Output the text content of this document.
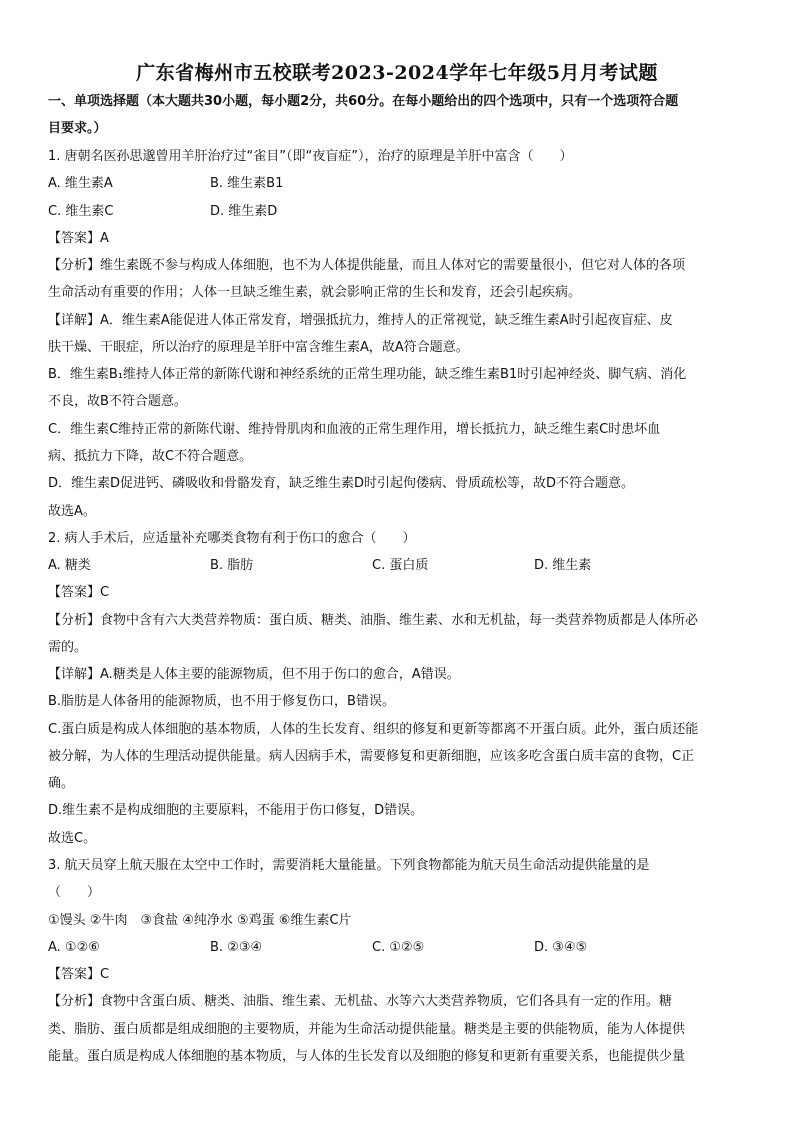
广东省梅州市五校联考2023-2024学年七年级5月月考试题
一、单项选择题（本大题共30小题，每小题2分，共60分。在每小题给出的四个选项中，只有一个选项符合题
目要求。）
1. 唐朝名医孙思邈曾用羊肝治疗过“雀目”（即“夜盲症”），治疗的原理是羊肝中富含（　　）
A. 维生素A	B. 维生素B1
C. 维生素C	D. 维生素D
【答案】A
【分析】维生素既不参与构成人体细胞，也不为人体提供能量，而且人体对它的需要量很小，但它对人体的各项
生命活动有重要的作用；人体一旦缺乏维生素，就会影响正常的生长和发育，还会引起疾病。
【详解】A．维生素A能促进人体正常发育，增强抵抗力，维持人的正常视觉，缺乏维生素A时引起夜盲症、皮
肤干燥、干眼症，所以治疗的原理是羊肝中富含维生素A，故A符合题意。
B．维生素B₁维持人体正常的新陈代谢和神经系统的正常生理功能，缺乏维生素B1时引起神经炎、脚气病、消化
不良，故B不符合题意。
C．维生素C维持正常的新陈代谢、维持骨肌肉和血液的正常生理作用，增长抵抗力，缺乏维生素C时患坏血
病、抵抗力下降，故C不符合题意。
D．维生素D促进钙、磷吸收和骨骼发育，缺乏维生素D时引起佝偻病、骨质疏松等，故D不符合题意。
故选A。
2. 病人手术后，应适量补充哪类食物有利于伤口的愈合（　　）
A. 糖类	B. 脂肪	C. 蛋白质	D. 维生素
【答案】C
【分析】食物中含有六大类营养物质：蛋白质、糖类、油脂、维生素、水和无机盐，每一类营养物质都是人体所必
需的。
【详解】A.糖类是人体主要的能源物质，但不用于伤口的愈合，A错误。
B.脂肪是人体备用的能源物质，也不用于修复伤口，B错误。
C.蛋白质是构成人体细胞的基本物质，人体的生长发育、组织的修复和更新等都离不开蛋白质。此外，蛋白质还能
被分解，为人体的生理活动提供能量。病人因病手术，需要修复和更新细胞，应该多吃含蛋白质丰富的食物，C正
确。
D.维生素不是构成细胞的主要原料，不能用于伤口修复，D错误。
故选C。
3. 航天员穿上航天服在太空中工作时，需要消耗大量能量。下列食物都能为航天员生命活动提供能量的是
（　　）
①馒头 ②牛肉　③食盐 ④纯净水 ⑤鸡蛋 ⑥维生素C片
A. ①②⑥	B. ②③④	C. ①②⑤	D. ③④⑤
【答案】C
【分析】食物中含蛋白质、糖类、油脂、维生素、无机盐、水等六大类营养物质，它们各具有一定的作用。糖
类、脂肪、蛋白质都是组成细胞的主要物质，并能为生命活动提供能量。糖类是主要的供能物质，能为人体提供
能量。蛋白质是构成人体细胞的基本物质，与人体的生长发育以及细胞的修复和更新有重要关系，也能提供少量
